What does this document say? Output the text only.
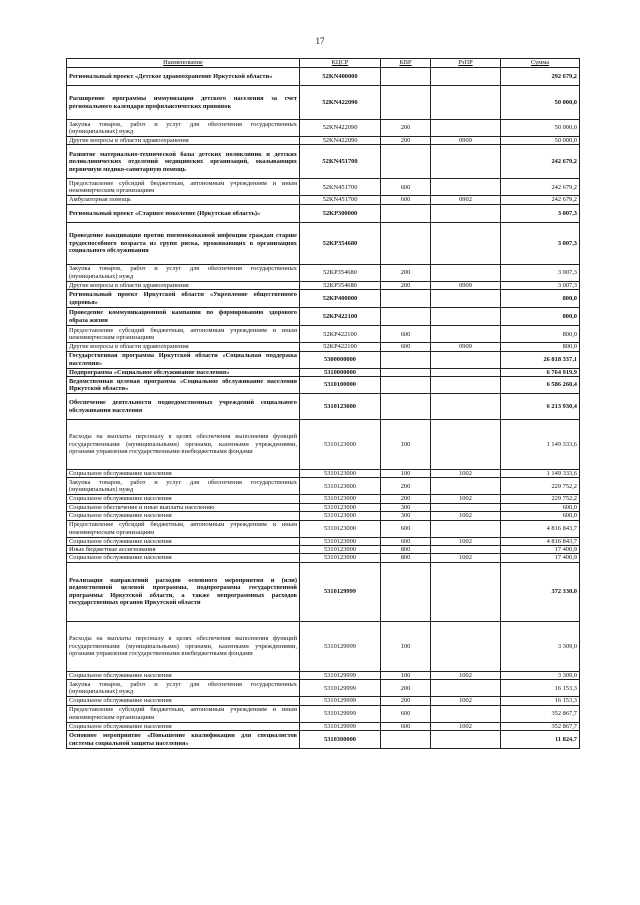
17
Наименование	КЦСР	КВР	РзПР	Сумма
Региональный проект «Детское здравоохранение Иркутской области»	52KN400000			292 679,2
Расширение программы иммунизации детского населения за счет регионального календаря профилактических прививок	52KN422090			50 000,0
Закупка товаров, работ и услуг для обеспечения государственных (муниципальных) нужд	52KN422090	200		50 000,0
Другие вопросы в области здравоохранения	52KN422090	200	0909	50 000,0
Развитие материально-технической базы детских поликлиник и детских поликлинических отделений медицинских организаций, оказывающих первичную медико-санитарную помощь	52KN451700			242 679,2
Предоставление субсидий бюджетным, автономным учреждениям и иным некоммерческим организациям	52KN451700	600		242 679,2
Амбулаторная помощь	52KN451700	600	0902	242 679,2
Региональный проект «Старшее поколение (Иркутская область)»	52KP300000			3 007,3
Проведение вакцинации против пневмококковой инфекции граждан старше трудоспособного возраста из групп риска, проживающих в организациях социального обслуживания	52KP354680			3 007,3
Закупка товаров, работ и услуг для обеспечения государственных (муниципальных) нужд	52KP354680	200		3 007,3
Другие вопросы в области здравоохранения	52KP354680	200	0909	3 007,3
Региональный проект Иркутской области «Укрепление общественного здоровья»	52KP400000			800,0
Проведение коммуникационной кампании по формированию здорового образа жизни	52KP422100			800,0
Предоставление субсидий бюджетным, автономным учреждениям и иным некоммерческим организациям	52KP422100	600		800,0
Другие вопросы в области здравоохранения	52KP422100	600	0909	800,0
Государственная программа Иркутской области «Социальная поддержка населения»	5300000000			26 818 337,1
Подпрограмма «Социальное обслуживание населения»	5310000000			6 764 919,9
Ведомственная целевая программа «Социальное обслуживание населения Иркутской области»	5310100000			6 586 260,4
Обеспечение деятельности подведомственных учреждений социального обслуживания населения	5310123000			6 213 930,4
Расходы на выплаты персоналу в целях обеспечения выполнения функций государственными (муниципальными) органами, казенными учреждениями, органами управления государственными внебюджетными фондами	5310123000	100		1 149 333,6
Социальное обслуживание населения	5310123000	100	1002	1 149 333,6
Закупка товаров, работ и услуг для обеспечения государственных (муниципальных) нужд	5310123000	200		229 752,2
Социальное обслуживание населения	5310123000	200	1002	229 752,2
Социальное обеспечение и иные выплаты населению	5310123000	300		600,0
Социальное обслуживание населения	5310123000	300	1002	600,0
Предоставление субсидий бюджетным, автономным учреждениям и иным некоммерческим организациям	5310123000	600		4 816 843,7
Социальное обслуживание населения	5310123000	600	1002	4 816 843,7
Иные бюджетные ассигнования	5310123000	800		17 400,9
Социальное обслуживание населения	5310123000	800	1002	17 400,9
Реализация направлений расходов основного мероприятия и (или) ведомственной целевой программы, подпрограммы государственной программы Иркутской области, а также непрограммных расходов государственных органов Иркутской области	5310129999			372 330,0
Расходы на выплаты персоналу в целях обеспечения выполнения функций государственными (муниципальными) органами, казенными учреждениями, органами управления государственными внебюджетными фондами	5310129999	100		3 309,0
Социальное обслуживание населения	5310129999	100	1002	3 309,0
Закупка товаров, работ и услуг для обеспечения государственных (муниципальных) нужд	5310129999	200		16 153,3
Социальное обслуживание населения	5310129999	200	1002	16 153,3
Предоставление субсидий бюджетным, автономным учреждениям и иным некоммерческим организациям	5310129999	600		352 867,7
Социальное обслуживание населения	5310129999	600	1002	352 867,7
Основное мероприятие «Повышение квалификации для специалистов системы социальной защиты населения»	5310300000			11 824,7
